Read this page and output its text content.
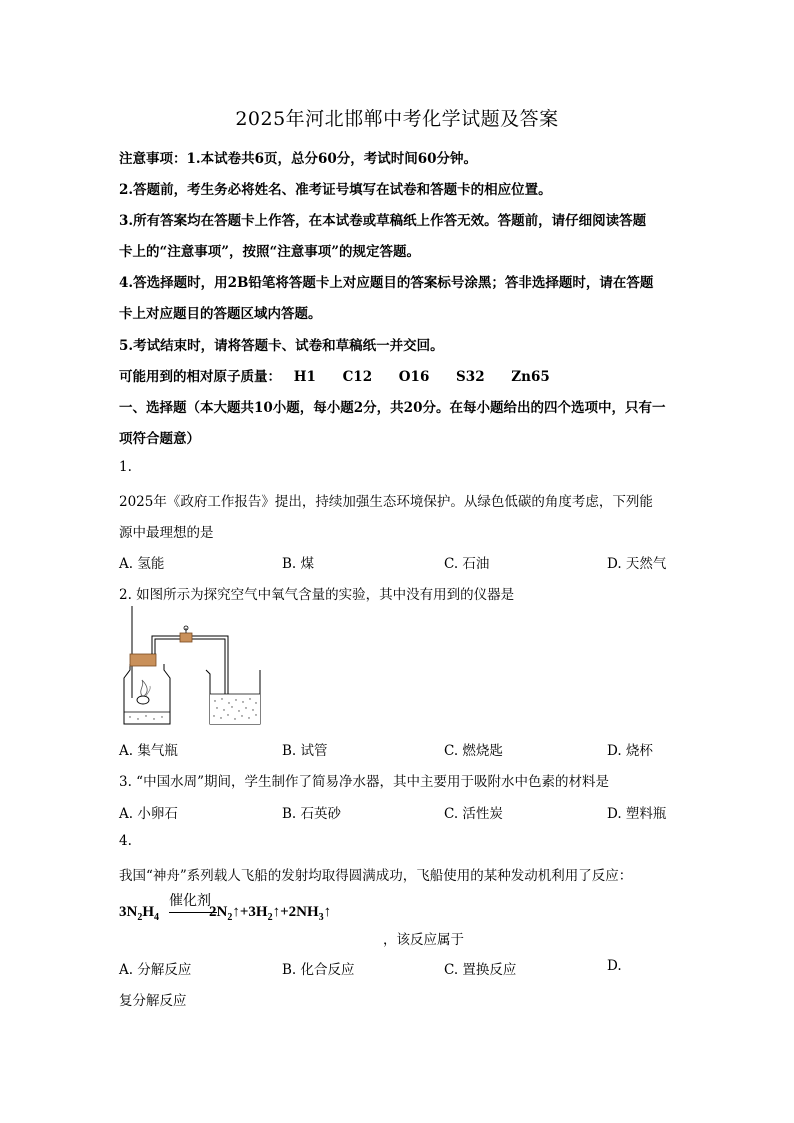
2025年河北邯郸中考化学试题及答案
注意事项：1.本试卷共6页，总分60分，考试时间60分钟。
2.答题前，考生务必将姓名、准考证号填写在试卷和答题卡的相应位置。
3.所有答案均在答题卡上作答，在本试卷或草稿纸上作答无效。答题前，请仔细阅读答题
卡上的“注意事项”，按照“注意事项”的规定答题。
4.答选择题时，用2B铅笔将答题卡上对应题目的答案标号涂黑；答非选择题时，请在答题
卡上对应题目的答题区域内答题。
5.考试结束时，请将答题卡、试卷和草稿纸一并交回。
可能用到的相对原子质量： H1 C12 O16 S32 Zn65
一、选择题（本大题共10小题，每小题2分，共20分。在每小题给出的四个选项中，只有一
项符合题意）
1.
2025年《政府工作报告》提出，持续加强生态环境保护。从绿色低碳的角度考虑，下列能
源中最理想的是
A. 氢能	B. 煤	C. 石油	D. 天然气
2. 如图所示为探究空气中氧气含量的实验，其中没有用到的仪器是
A. 集气瓶	B. 试管	C. 燃烧匙	D. 烧杯
3. “中国水周”期间，学生制作了简易净水器，其中主要用于吸附水中色素的材料是
A. 小卵石	B. 石英砂	C. 活性炭	D. 塑料瓶
4.
我国“神舟”系列载人飞船的发射均取得圆满成功，飞船使用的某种发动机利用了反应：
催化剂
$3N_2H_4$	$2N_2↑+3H_2↑+2NH_3↑$
，该反应属于
A. 分解反应	B. 化合反应	C. 置换反应	D.
复分解反应
